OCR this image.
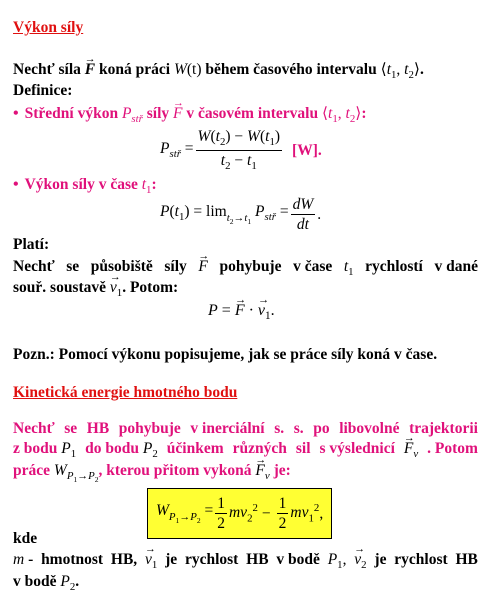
Výkon síly
Nechť síla → F koná práci W(t) během časového intervalu $⟨t_1$, $t_2⟩$.
Definice:
• Střední výkon $P_{stř}$ síly → F v časovém intervalu $⟨t_1$, $t_2⟩$:
$P_{stř} = \frac{W(t_2) - W(t_1)}{t_2 - t_1} [W]$.
• Výkon síly v čase $t_1$:
$P(t_1) = \lim_{t_2\to t_1} P_{stř} = \frac{dW}{dt}$ .
Platí:
Nechť se působiště síly → F pohybuje v čase $t_1$ rychlostí v dané
souř. soustavě → $v_1$. Potom:
P = → F · → $v_1$.
Pozn.: Pomocí výkonu popisujeme, jak se práce síly koná v čase.
Kinetická energie hmotného bodu
Nechť se HB pohybuje v inerciální s. s. po libovolné trajektorii
z bodu $P_1$ do bodu $P_2$ účinkem různých sil s výslednicí → $F_v$ . Potom
práce $W_{P_1\to P_2}$, kterou přitom vykoná → $F_v$ je:
$W_{P_1\to P_2} = \frac{1}{2} mv_2^2 - \frac{1}{2} mv_1^2$ ,
kde
m - hmotnost HB, → $v_1$ je rychlost HB v bodě $P_1$, → $v_2$ je rychlost HB
v bodě $P_2$.
